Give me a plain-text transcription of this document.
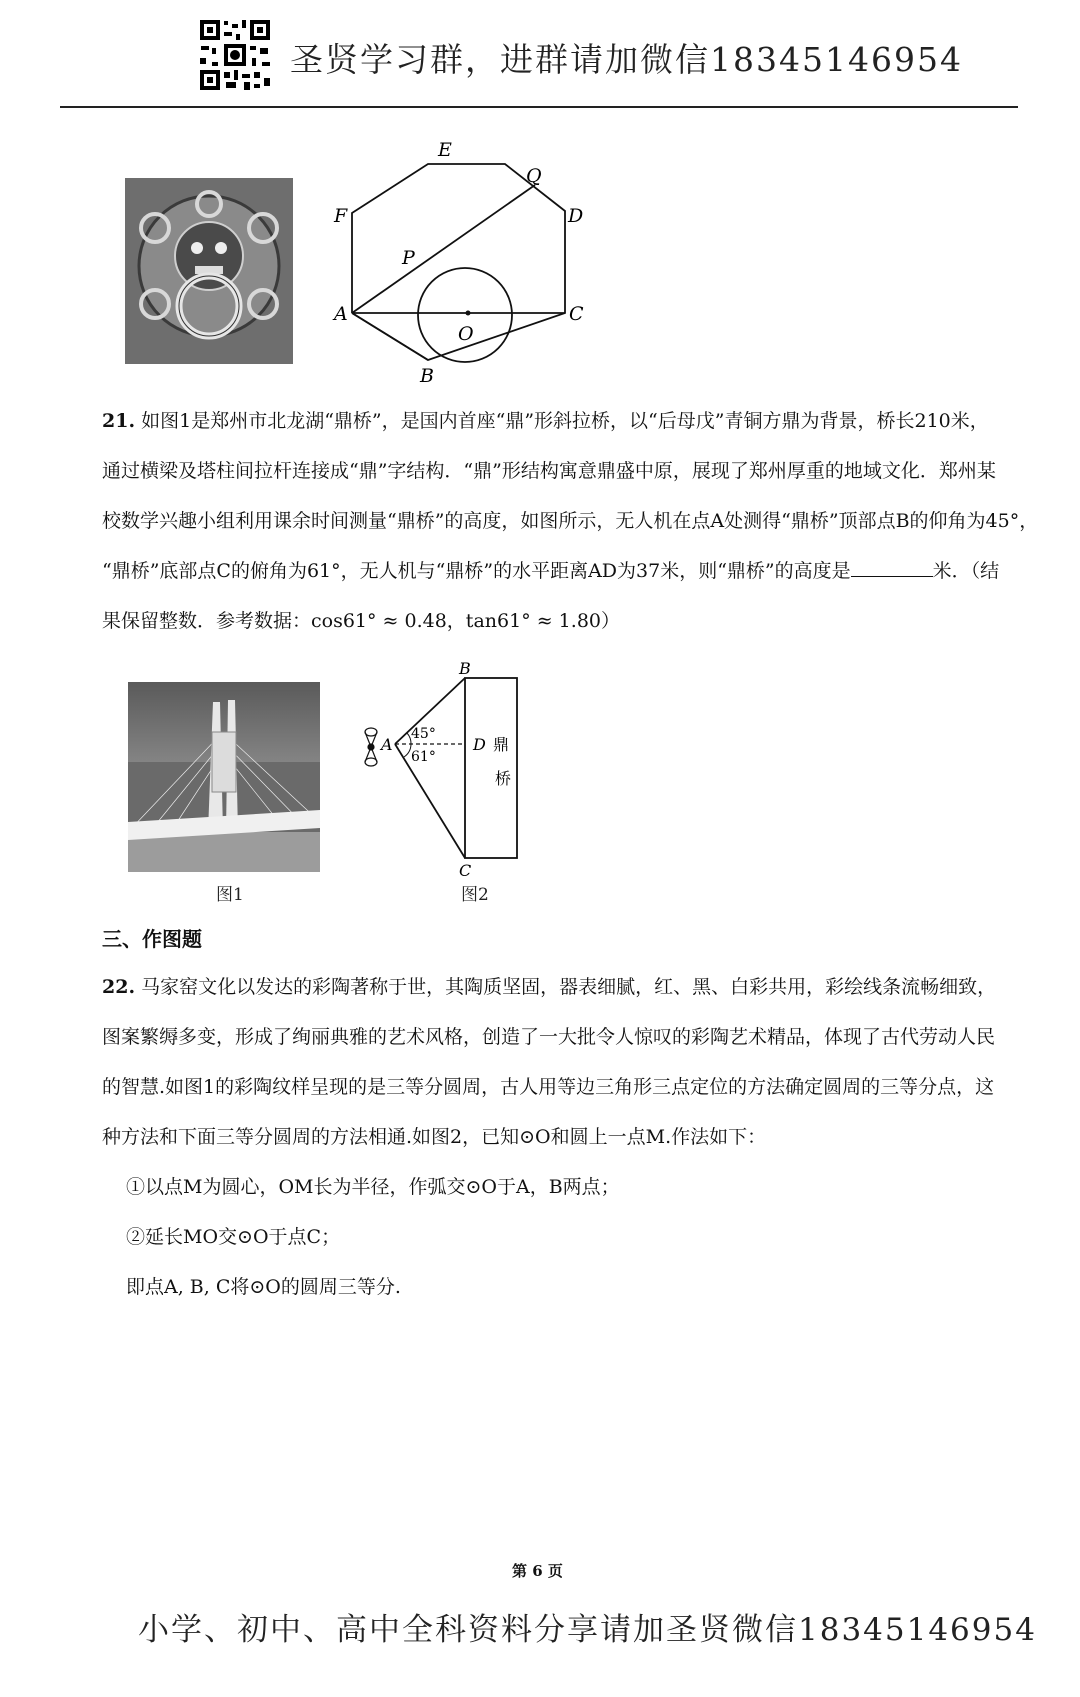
圣贤学习群，进群请加微信18345146954
E
F
Q
D
P
A
O
C
B
21. 如图1是郑州市北龙湖“鼎桥”，是国内首座“鼎”形斜拉桥，以“后母戊”青铜方鼎为背景，桥长210米，
通过横梁及塔柱间拉杆连接成“鼎”字结构．“鼎”形结构寓意鼎盛中原，展现了郑州厚重的地域文化．郑州某
校数学兴趣小组利用课余时间测量“鼎桥”的高度，如图所示，无人机在点A处测得“鼎桥”顶部点B的仰角为45°，
“鼎桥”底部点C的俯角为61°，无人机与“鼎桥”的水平距离AD为37米，则“鼎桥”的高度是	米．（结
果保留整数．参考数据：cos61° ≈ 0.48，tan61° ≈ 1.80）
图1
B
A	D
C
45°
61°
鼎
桥
图2
三、作图题
22. 马家窑文化以发达的彩陶著称于世，其陶质坚固，器表细腻，红、黑、白彩共用，彩绘线条流畅细致，
图案繁缛多变，形成了绚丽典雅的艺术风格，创造了一大批令人惊叹的彩陶艺术精品，体现了古代劳动人民
的智慧.如图1的彩陶纹样呈现的是三等分圆周，古人用等边三角形三点定位的方法确定圆周的三等分点，这
种方法和下面三等分圆周的方法相通.如图2，已知⊙O和圆上一点M.作法如下：
①以点M为圆心，OM长为半径，作弧交⊙O于A，B两点；
②延长MO交⊙O于点C；
即点A, B, C将⊙O的圆周三等分.
第 6 页
小学、初中、高中全科资料分享请加圣贤微信18345146954
